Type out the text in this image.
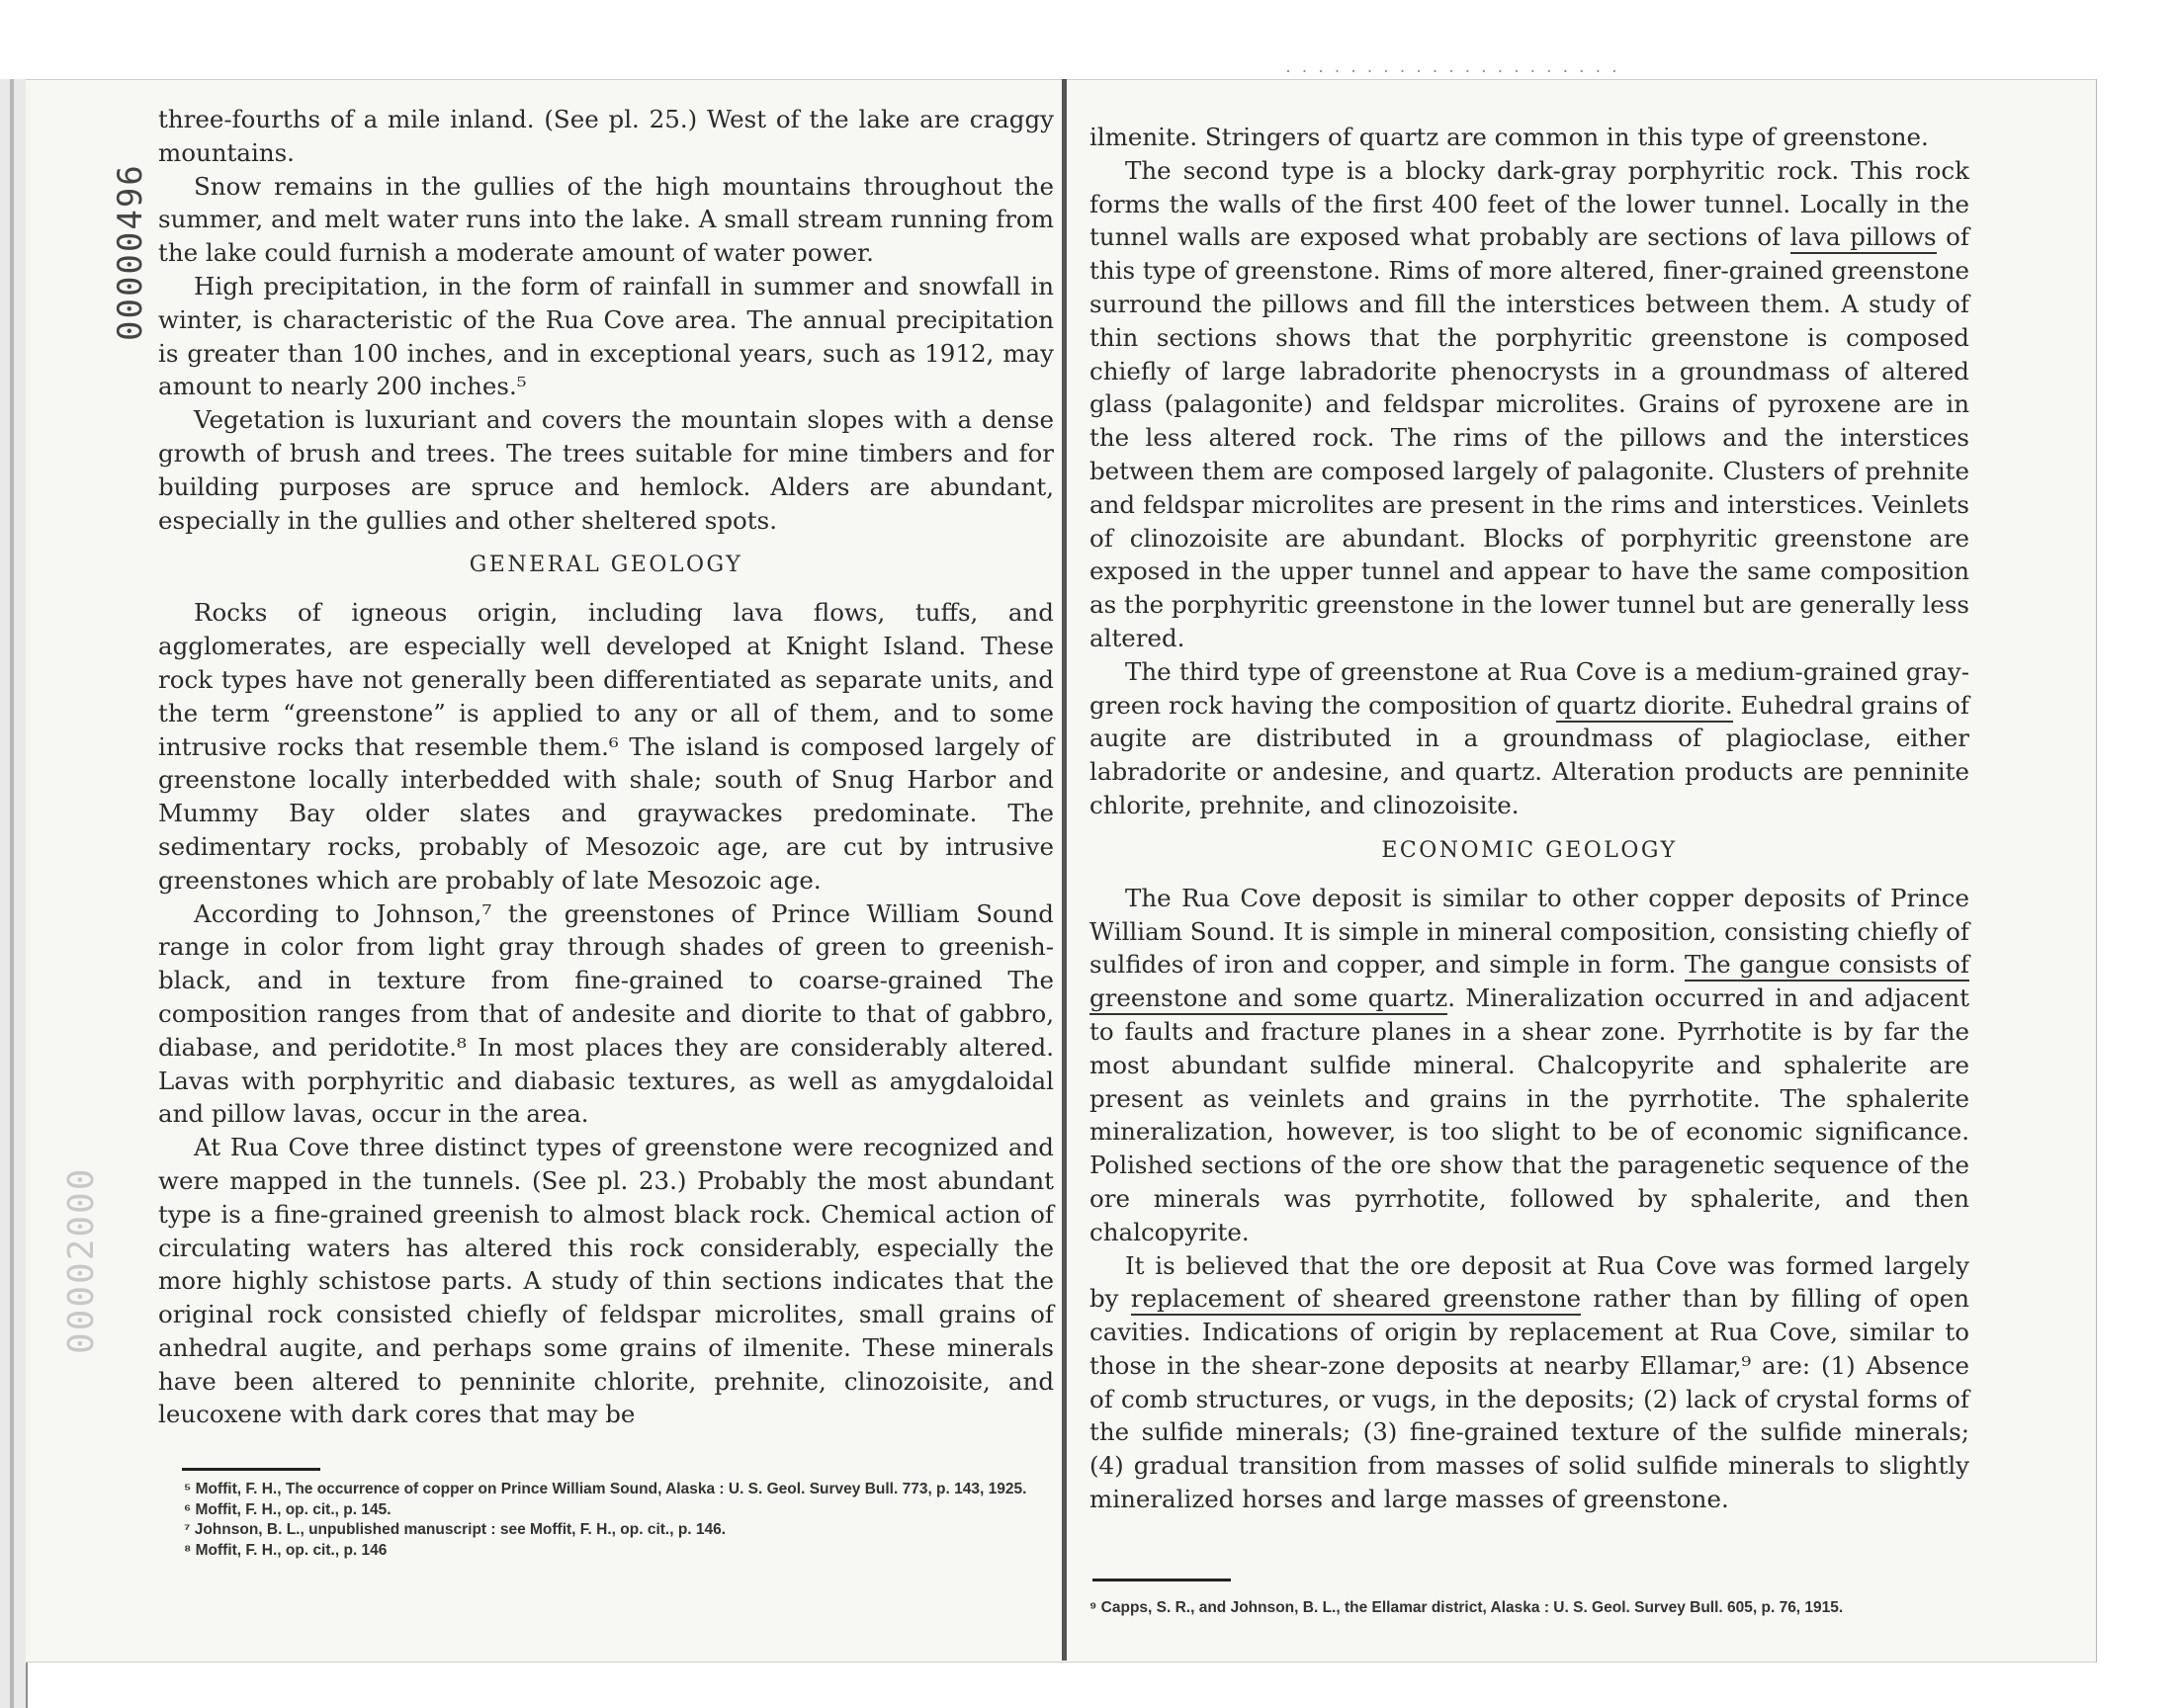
· · · · · · · · · · · · · · · · · · · · ·
00000496
00002000

three-fourths of a mile inland. (See pl. 25.) West of the lake are craggy mountains.

Snow remains in the gullies of the high mountains throughout the summer, and melt water runs into the lake. A small stream running from the lake could furnish a moderate amount of water power.

High precipitation, in the form of rainfall in summer and snowfall in winter, is characteristic of the Rua Cove area. The annual precipitation is greater than 100 inches, and in exceptional years, such as 1912, may amount to nearly 200 inches.⁵

Vegetation is luxuriant and covers the mountain slopes with a dense growth of brush and trees. The trees suitable for mine timbers and for building purposes are spruce and hemlock. Alders are abundant, especially in the gullies and other sheltered spots.

GENERAL GEOLOGY

Rocks of igneous origin, including lava flows, tuffs, and agglomerates, are especially well developed at Knight Island. These rock types have not generally been differentiated as separate units, and the term “greenstone” is applied to any or all of them, and to some intrusive rocks that resemble them.⁶ The island is composed largely of greenstone locally interbedded with shale; south of Snug Harbor and Mummy Bay older slates and graywackes predominate. The sedimentary rocks, probably of Mesozoic age, are cut by intrusive greenstones which are probably of late Mesozoic age.

According to Johnson,⁷ the greenstones of Prince William Sound range in color from light gray through shades of green to greenish-black, and in texture from fine-grained to coarse-grained The composition ranges from that of andesite and diorite to that of gabbro, diabase, and peridotite.⁸ In most places they are considerably altered. Lavas with porphyritic and diabasic textures, as well as amygdaloidal and pillow lavas, occur in the area.

At Rua Cove three distinct types of greenstone were recognized and were mapped in the tunnels. (See pl. 23.) Probably the most abundant type is a fine-grained greenish to almost black rock. Chemical action of circulating waters has altered this rock considerably, especially the more highly schistose parts. A study of thin sections indicates that the original rock consisted chiefly of feldspar microlites, small grains of anhedral augite, and perhaps some grains of ilmenite. These minerals have been altered to penninite chlorite, prehnite, clinozoisite, and leucoxene with dark cores that may be

⁵ Moffit, F. H., The occurrence of copper on Prince William Sound, Alaska : U. S. Geol. Survey Bull. 773, p. 143, 1925.
⁶ Moffit, F. H., op. cit., p. 145.
⁷ Johnson, B. L., unpublished manuscript : see Moffit, F. H., op. cit., p. 146.
⁸ Moffit, F. H., op. cit., p. 146

ilmenite. Stringers of quartz are common in this type of greenstone.

The second type is a blocky dark-gray porphyritic rock. This rock forms the walls of the first 400 feet of the lower tunnel. Locally in the tunnel walls are exposed what probably are sections of lava pillows of this type of greenstone. Rims of more altered, finer-grained greenstone surround the pillows and fill the interstices between them. A study of thin sections shows that the porphyritic greenstone is composed chiefly of large labradorite phenocrysts in a groundmass of altered glass (palagonite) and feldspar microlites. Grains of pyroxene are in the less altered rock. The rims of the pillows and the interstices between them are composed largely of palagonite. Clusters of prehnite and feldspar microlites are present in the rims and interstices. Veinlets of clinozoisite are abundant. Blocks of porphyritic greenstone are exposed in the upper tunnel and appear to have the same composition as the porphyritic greenstone in the lower tunnel but are generally less altered.

The third type of greenstone at Rua Cove is a medium-grained gray-green rock having the composition of quartz diorite. Euhedral grains of augite are distributed in a groundmass of plagioclase, either labradorite or andesine, and quartz. Alteration products are penninite chlorite, prehnite, and clinozoisite.

ECONOMIC GEOLOGY

The Rua Cove deposit is similar to other copper deposits of Prince William Sound. It is simple in mineral composition, consisting chiefly of sulfides of iron and copper, and simple in form. The gangue consists of greenstone and some quartz. Mineralization occurred in and adjacent to faults and fracture planes in a shear zone. Pyrrhotite is by far the most abundant sulfide mineral. Chalcopyrite and sphalerite are present as veinlets and grains in the pyrrhotite. The sphalerite mineralization, however, is too slight to be of economic significance. Polished sections of the ore show that the paragenetic sequence of the ore minerals was pyrrhotite, followed by sphalerite, and then chalcopyrite.

It is believed that the ore deposit at Rua Cove was formed largely by replacement of sheared greenstone rather than by filling of open cavities. Indications of origin by replacement at Rua Cove, similar to those in the shear-zone deposits at nearby Ellamar,⁹ are: (1) Absence of comb structures, or vugs, in the deposits; (2) lack of crystal forms of the sulfide minerals; (3) fine-grained texture of the sulfide minerals; (4) gradual transition from masses of solid sulfide minerals to slightly mineralized horses and large masses of greenstone.

⁹ Capps, S. R., and Johnson, B. L., the Ellamar district, Alaska : U. S. Geol. Survey Bull. 605, p. 76, 1915.
